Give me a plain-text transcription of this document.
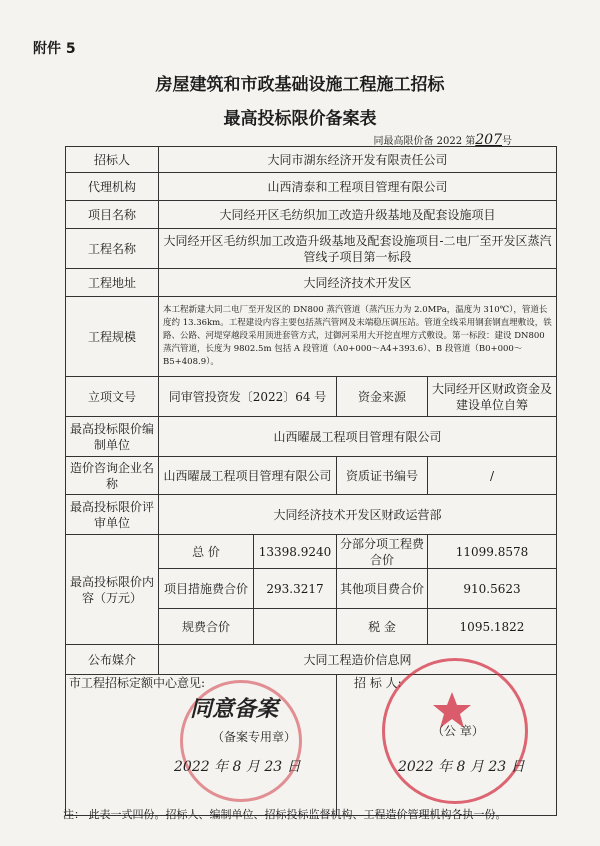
附件 5
房屋建筑和市政基础设施工程施工招标
最高投标限价备案表
同最高限价备 2022 第207号
招标人	大同市湖东经济开发有限责任公司			
代理机构	山西清泰和工程项目管理有限公司			
项目名称	大同经开区毛纺织加工改造升级基地及配套设施项目			
工程名称	大同经开区毛纺织加工改造升级基地及配套设施项目-二电厂至开发区蒸汽管线子项目第一标段			
工程地址	大同经济技术开发区			
工程规模	本工程新建大同二电厂至开发区的 DN800 蒸汽管道（蒸汽压力为 2.0MPa，温度为 310℃），管道长度约 13.36km。工程建设内容主要包括蒸汽管网及末端稳压调压站。管道全线采用钢套钢直埋敷设，铁路、公路、河堤穿越段采用顶进套管方式，过御河采用大开挖直埋方式敷设。第一标段：建设 DN800 蒸汽管道，长度为 9802.5m 包括 A 段管道（A0+000～A4+393.6）、B 段管道（B0+000～B5+408.9）。			
立项文号	同审管投资发〔2022〕64 号		资金来源	大同经开区财政资金及建设单位自筹
最高投标限价编制单位	山西曜晟工程项目管理有限公司			
造价咨询企业名称	山西曜晟工程项目管理有限公司		资质证书编号	/
最高投标限价评审单位	大同经济技术开发区财政运营部			
最高投标限价内容（万元）	总 价	13398.9240	分部分项工程费合价	11099.8578
	项目措施费合价	293.3217	其他项目费合价	910.5623
	规费合价		税 金	1095.1822
公布媒介	大同工程造价信息网			
市工程招标定额中心意见:			招 标 人:	
同意备案
（备案专用章）
2022 年 8 月 23 日
（公 章）
2022 年 8 月 23 日
注： 此表一式四份。招标人、编制单位、招标投标监督机构、工程造价管理机构各执一份。
